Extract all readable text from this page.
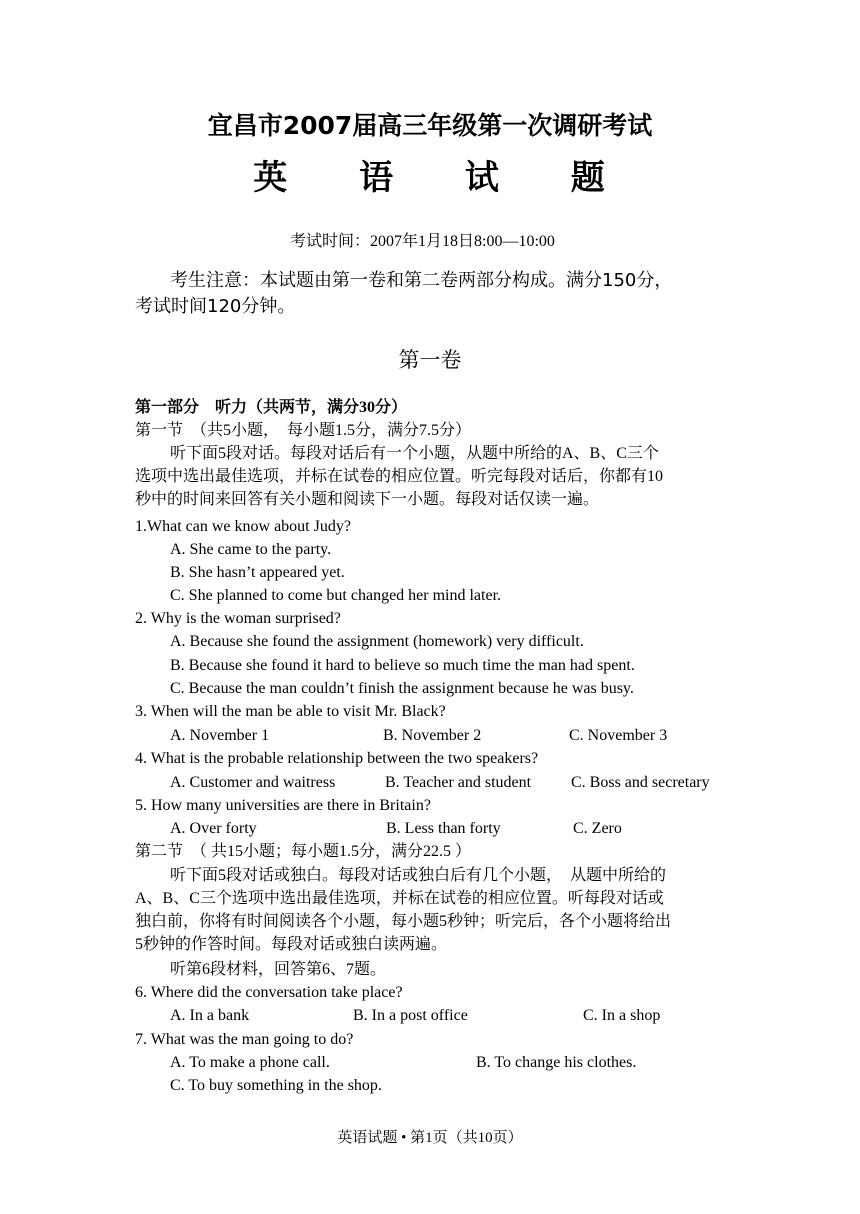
宜昌市2007届高三年级第一次调研考试
英 语 试 题
考试时间：2007年1月18日8:00—10:00
考生注意：本试题由第一卷和第二卷两部分构成。满分150分，
考试时间120分钟。
第一卷
第一部分　听力（共两节，满分30分）
第一节　（共5小题，　每小题1.5分，满分7.5分）
听下面5段对话。每段对话后有一个小题，从题中所给的A、B、C三个
选项中选出最佳选项，并标在试卷的相应位置。听完每段对话后，你都有10
秒中的时间来回答有关小题和阅读下一小题。每段对话仅读一遍。
1.What can we know about Judy?
A. She came to the party.
B. She hasn’t appeared yet.
C. She planned to come but changed her mind later.
2. Why is the woman surprised?
A. Because she found the assignment (homework) very difficult.
B. Because she found it hard to believe so much time the man had spent.
C. Because the man couldn’t finish the assignment because he was busy.
3. When will the man be able to visit Mr. Black?
A. November 1	B. November 2	C. November 3
4. What is the probable relationship between the two speakers?
A. Customer and waitress	B. Teacher and student C. Boss and secretary
5. How many universities are there in Britain?
A. Over forty	B. Less than forty	C. Zero
第二节　（ 共15小题；每小题1.5分，满分22.5 ）
听下面5段对话或独白。每段对话或独白后有几个小题，　从题中所给的
A、B、C三个选项中选出最佳选项，并标在试卷的相应位置。听每段对话或
独白前，你将有时间阅读各个小题，每小题5秒钟；听完后，各个小题将给出
5秒钟的作答时间。每段对话或独白读两遍。
听第6段材料，回答第6、7题。
6. Where did the conversation take place?
A. In a bank	B. In a post office	C. In a shop
7. What was the man going to do?
A. To make a phone call.	B. To change his clothes.
C. To buy something in the shop.
英语试题 • 第1页（共10页）
